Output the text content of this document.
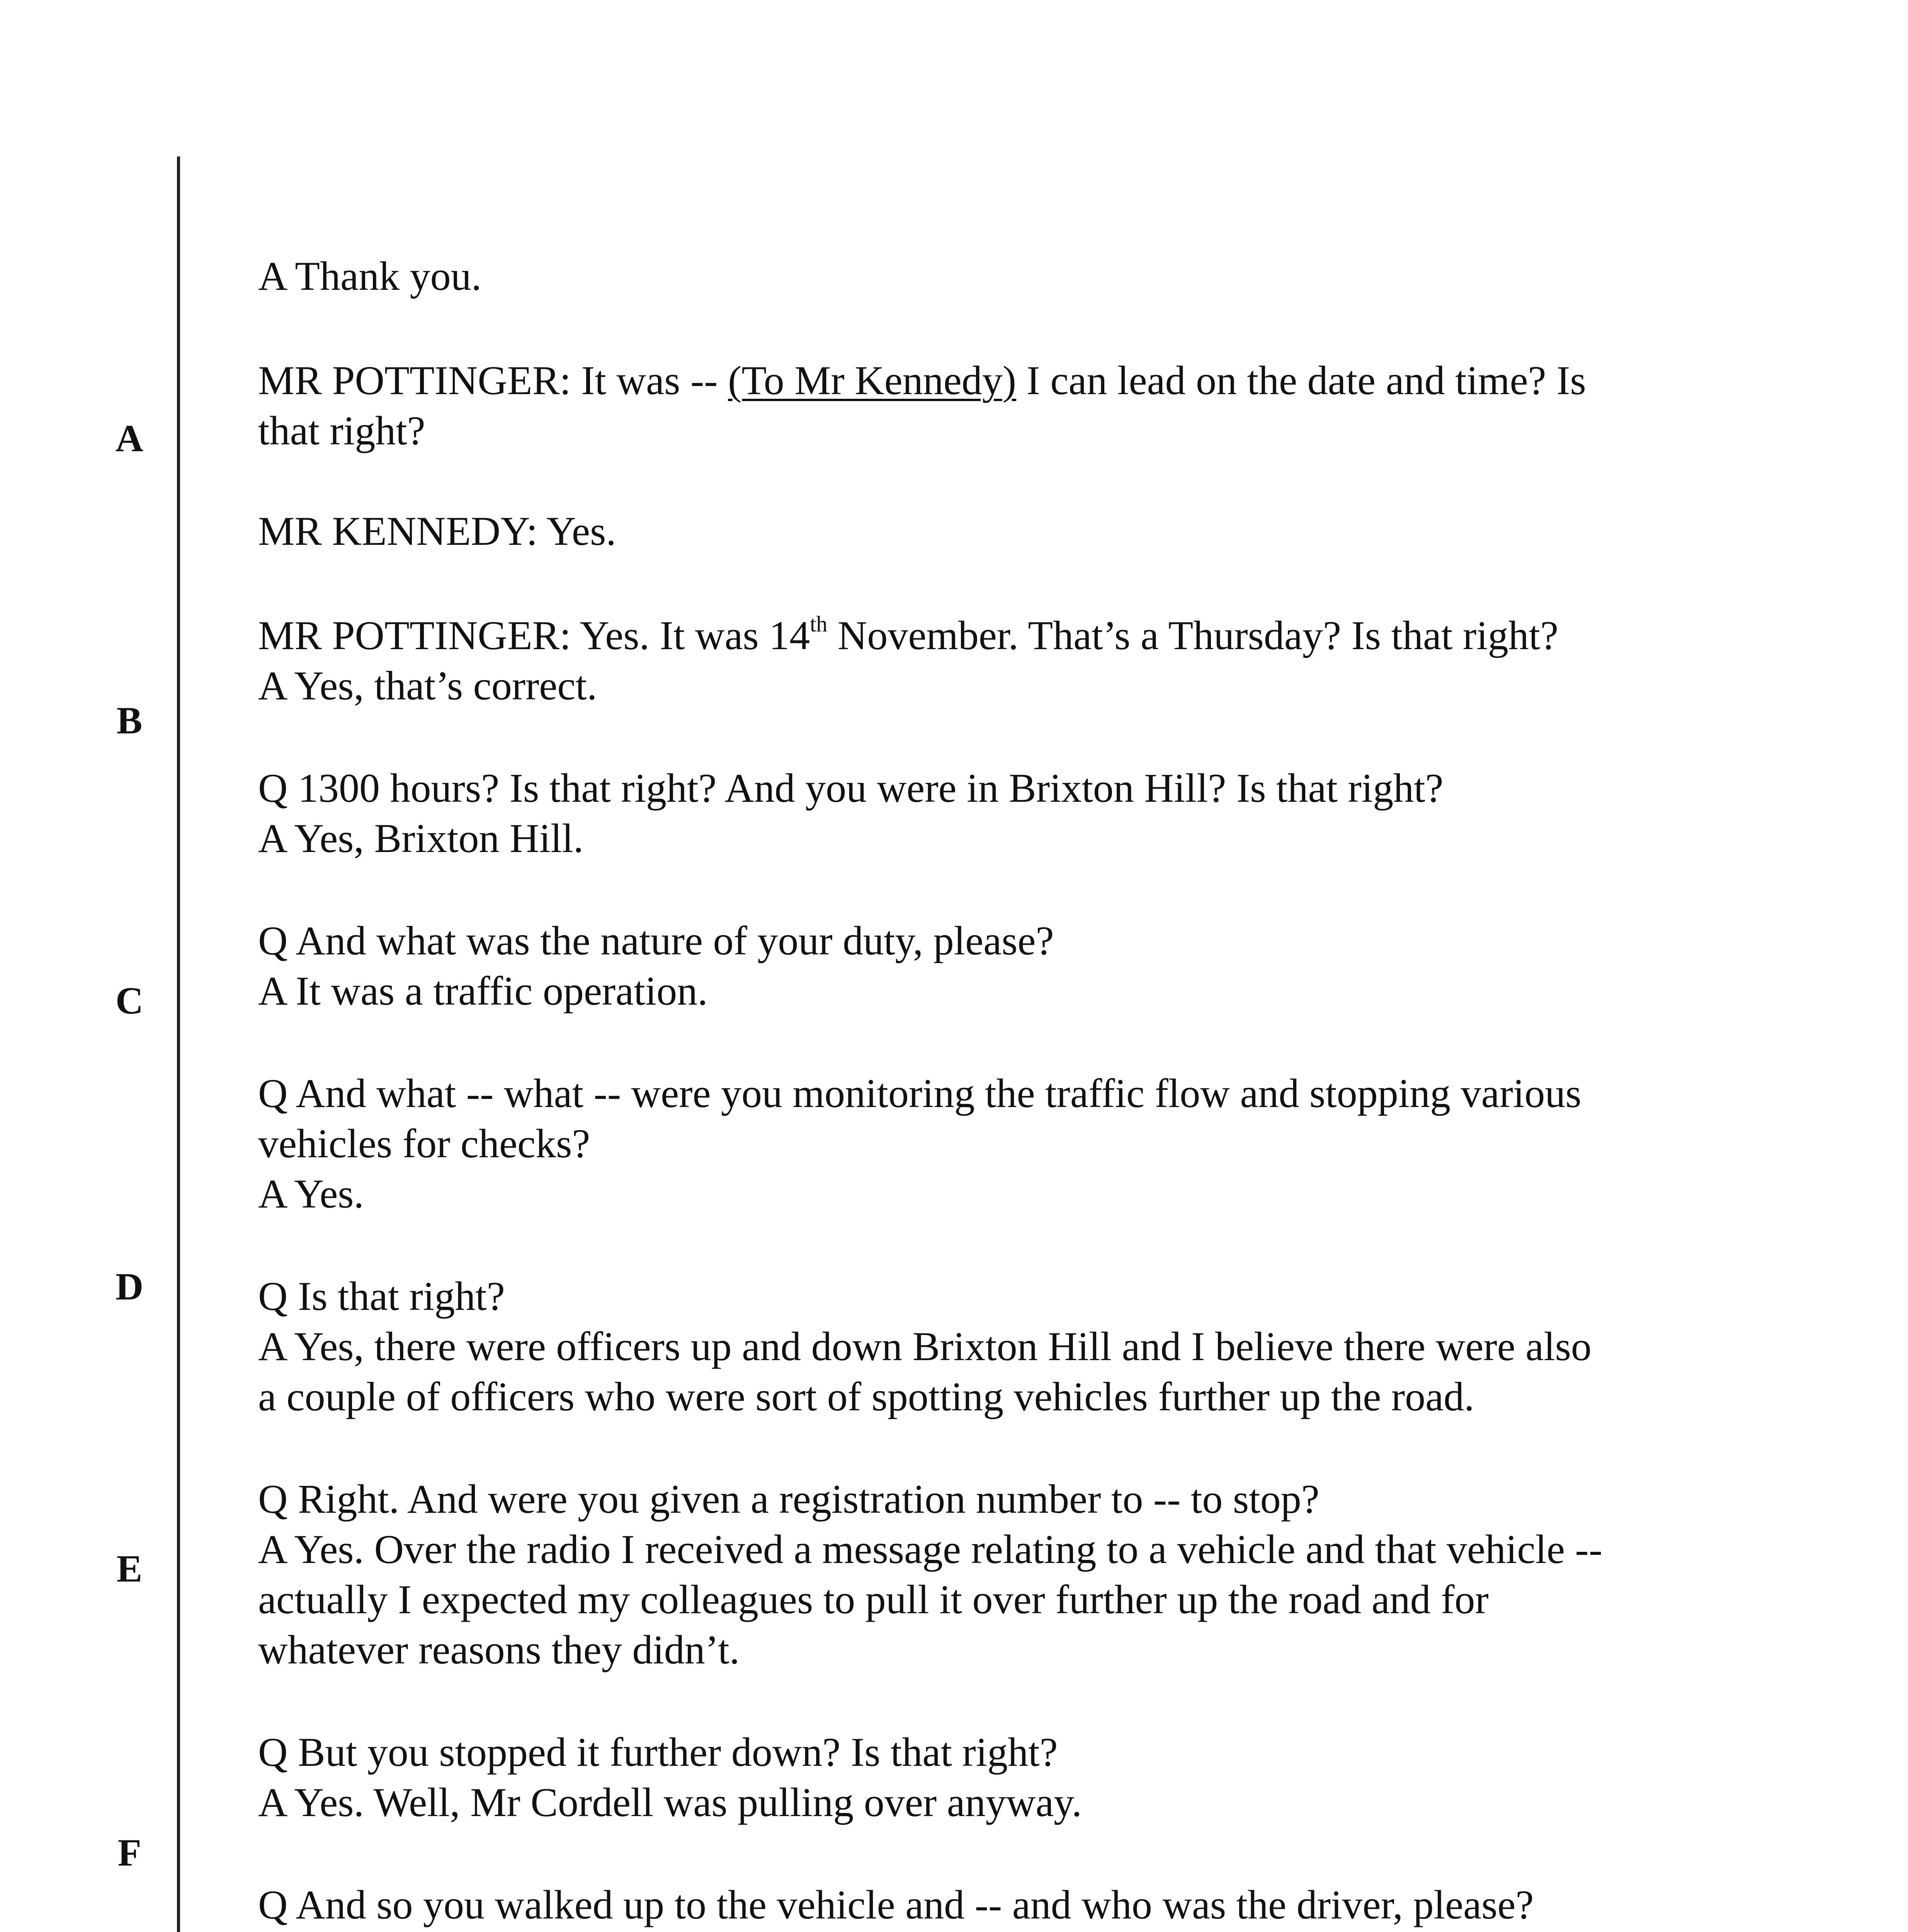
A
B
C
D
E
F
A Thank you.
MR POTTINGER: It was -- (To Mr Kennedy) I can lead on the date and time? Is
that right?
MR KENNEDY: Yes.
MR POTTINGER: Yes. It was 14th November. That’s a Thursday? Is that right?
A Yes, that’s correct.
Q 1300 hours? Is that right? And you were in Brixton Hill? Is that right?
A Yes, Brixton Hill.
Q And what was the nature of your duty, please?
A It was a traffic operation.
Q And what -- what -- were you monitoring the traffic flow and stopping various
vehicles for checks?
A Yes.
Q Is that right?
A Yes, there were officers up and down Brixton Hill and I believe there were also
a couple of officers who were sort of spotting vehicles further up the road.
Q Right. And were you given a registration number to -- to stop?
A Yes. Over the radio I received a message relating to a vehicle and that vehicle --
actually I expected my colleagues to pull it over further up the road and for
whatever reasons they didn’t.
Q But you stopped it further down? Is that right?
A Yes. Well, Mr Cordell was pulling over anyway.
Q And so you walked up to the vehicle and -- and who was the driver, please?
